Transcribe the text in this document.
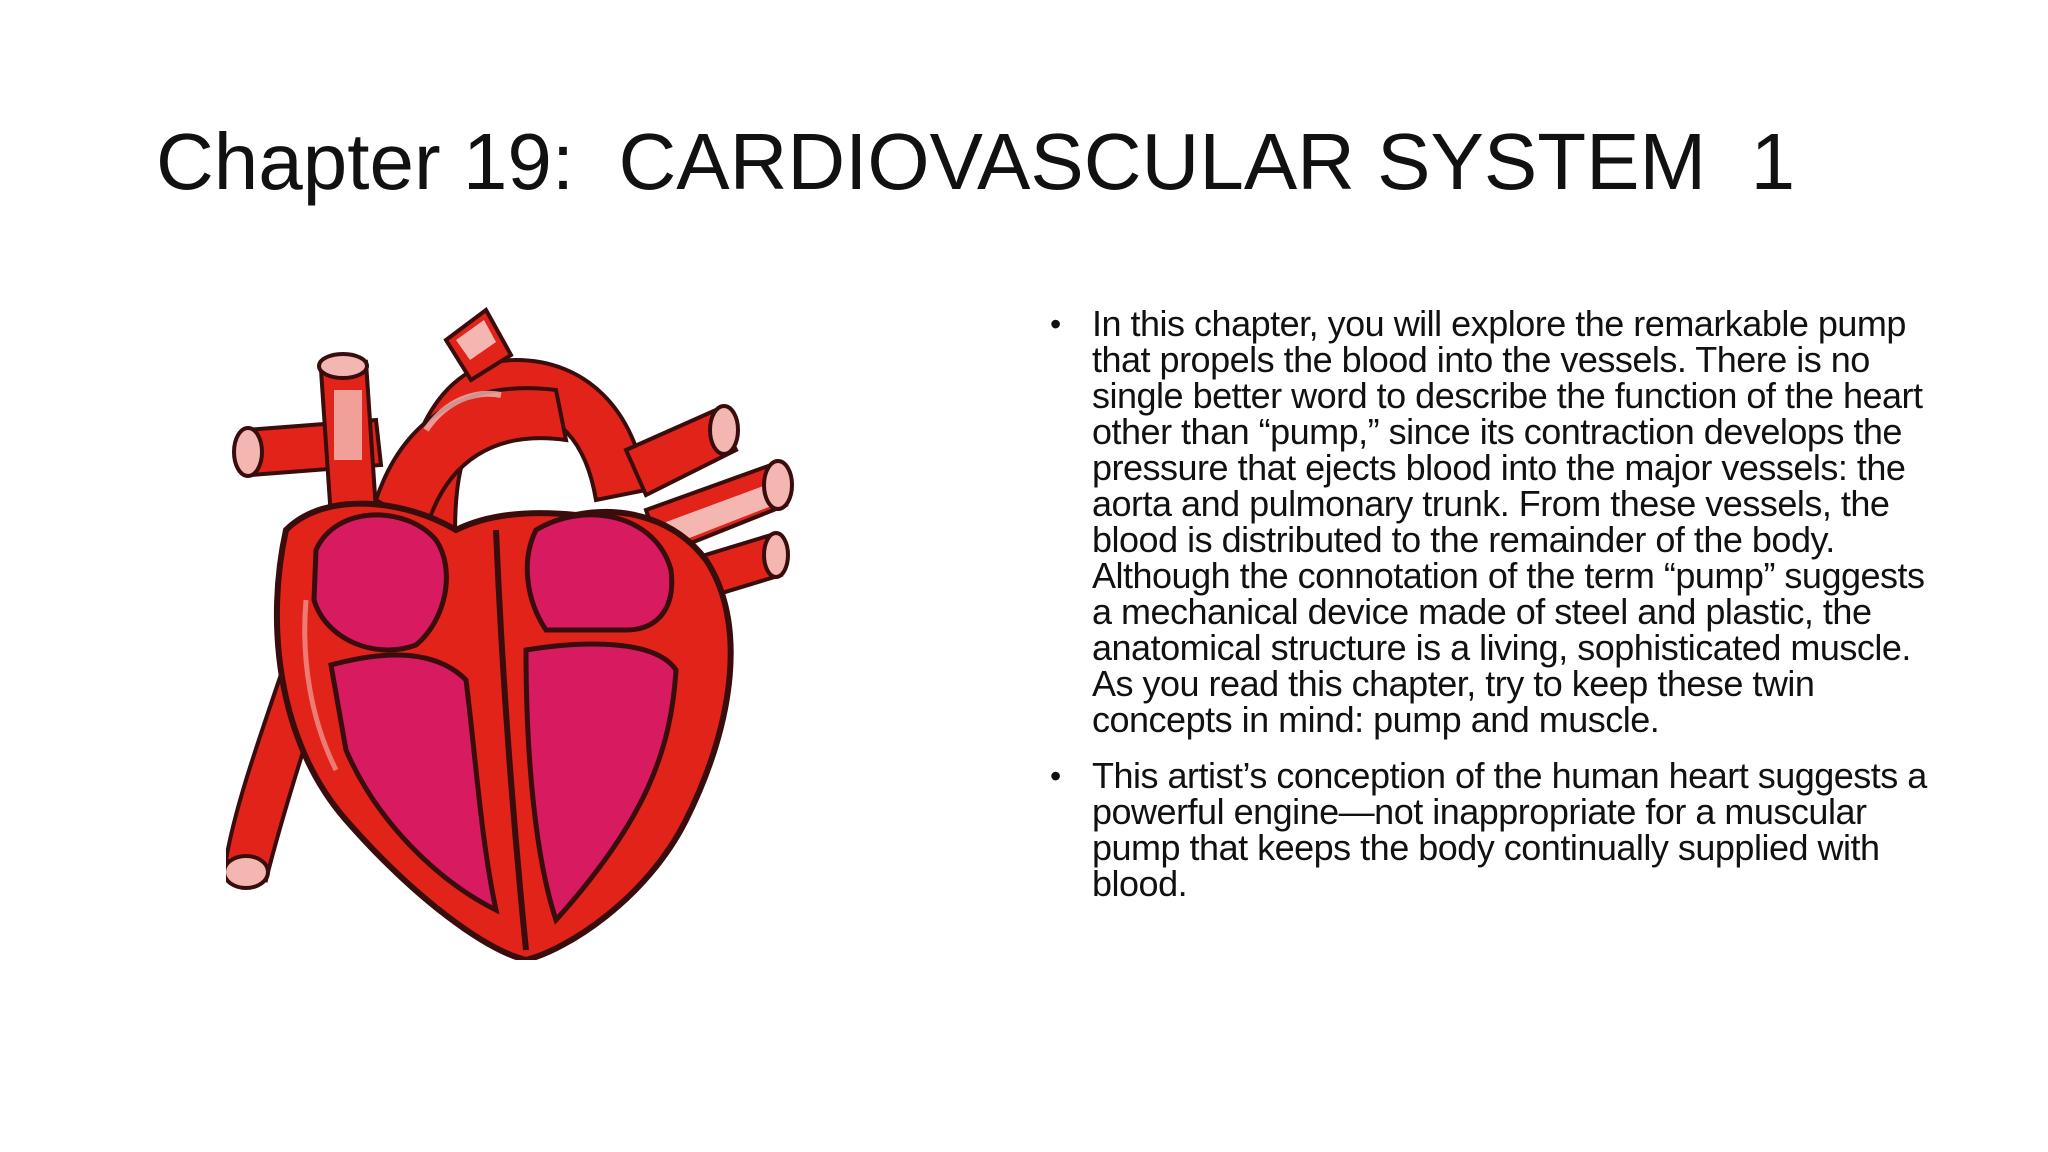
Chapter 19:  CARDIOVASCULAR SYSTEM  1
• In this chapter, you will explore the remarkable pump that propels the blood into the vessels. There is no single better word to describe the function of the heart other than “pump,” since its contraction develops the pressure that ejects blood into the major vessels: the aorta and pulmonary trunk. From these vessels, the blood is distributed to the remainder of the body. Although the connotation of the term “pump” suggests a mechanical device made of steel and plastic, the anatomical structure is a living, sophisticated muscle. As you read this chapter, try to keep these twin concepts in mind: pump and muscle.
• This artist’s conception of the human heart suggests a powerful engine—not inappropriate for a muscular pump that keeps the body continually supplied with blood.
